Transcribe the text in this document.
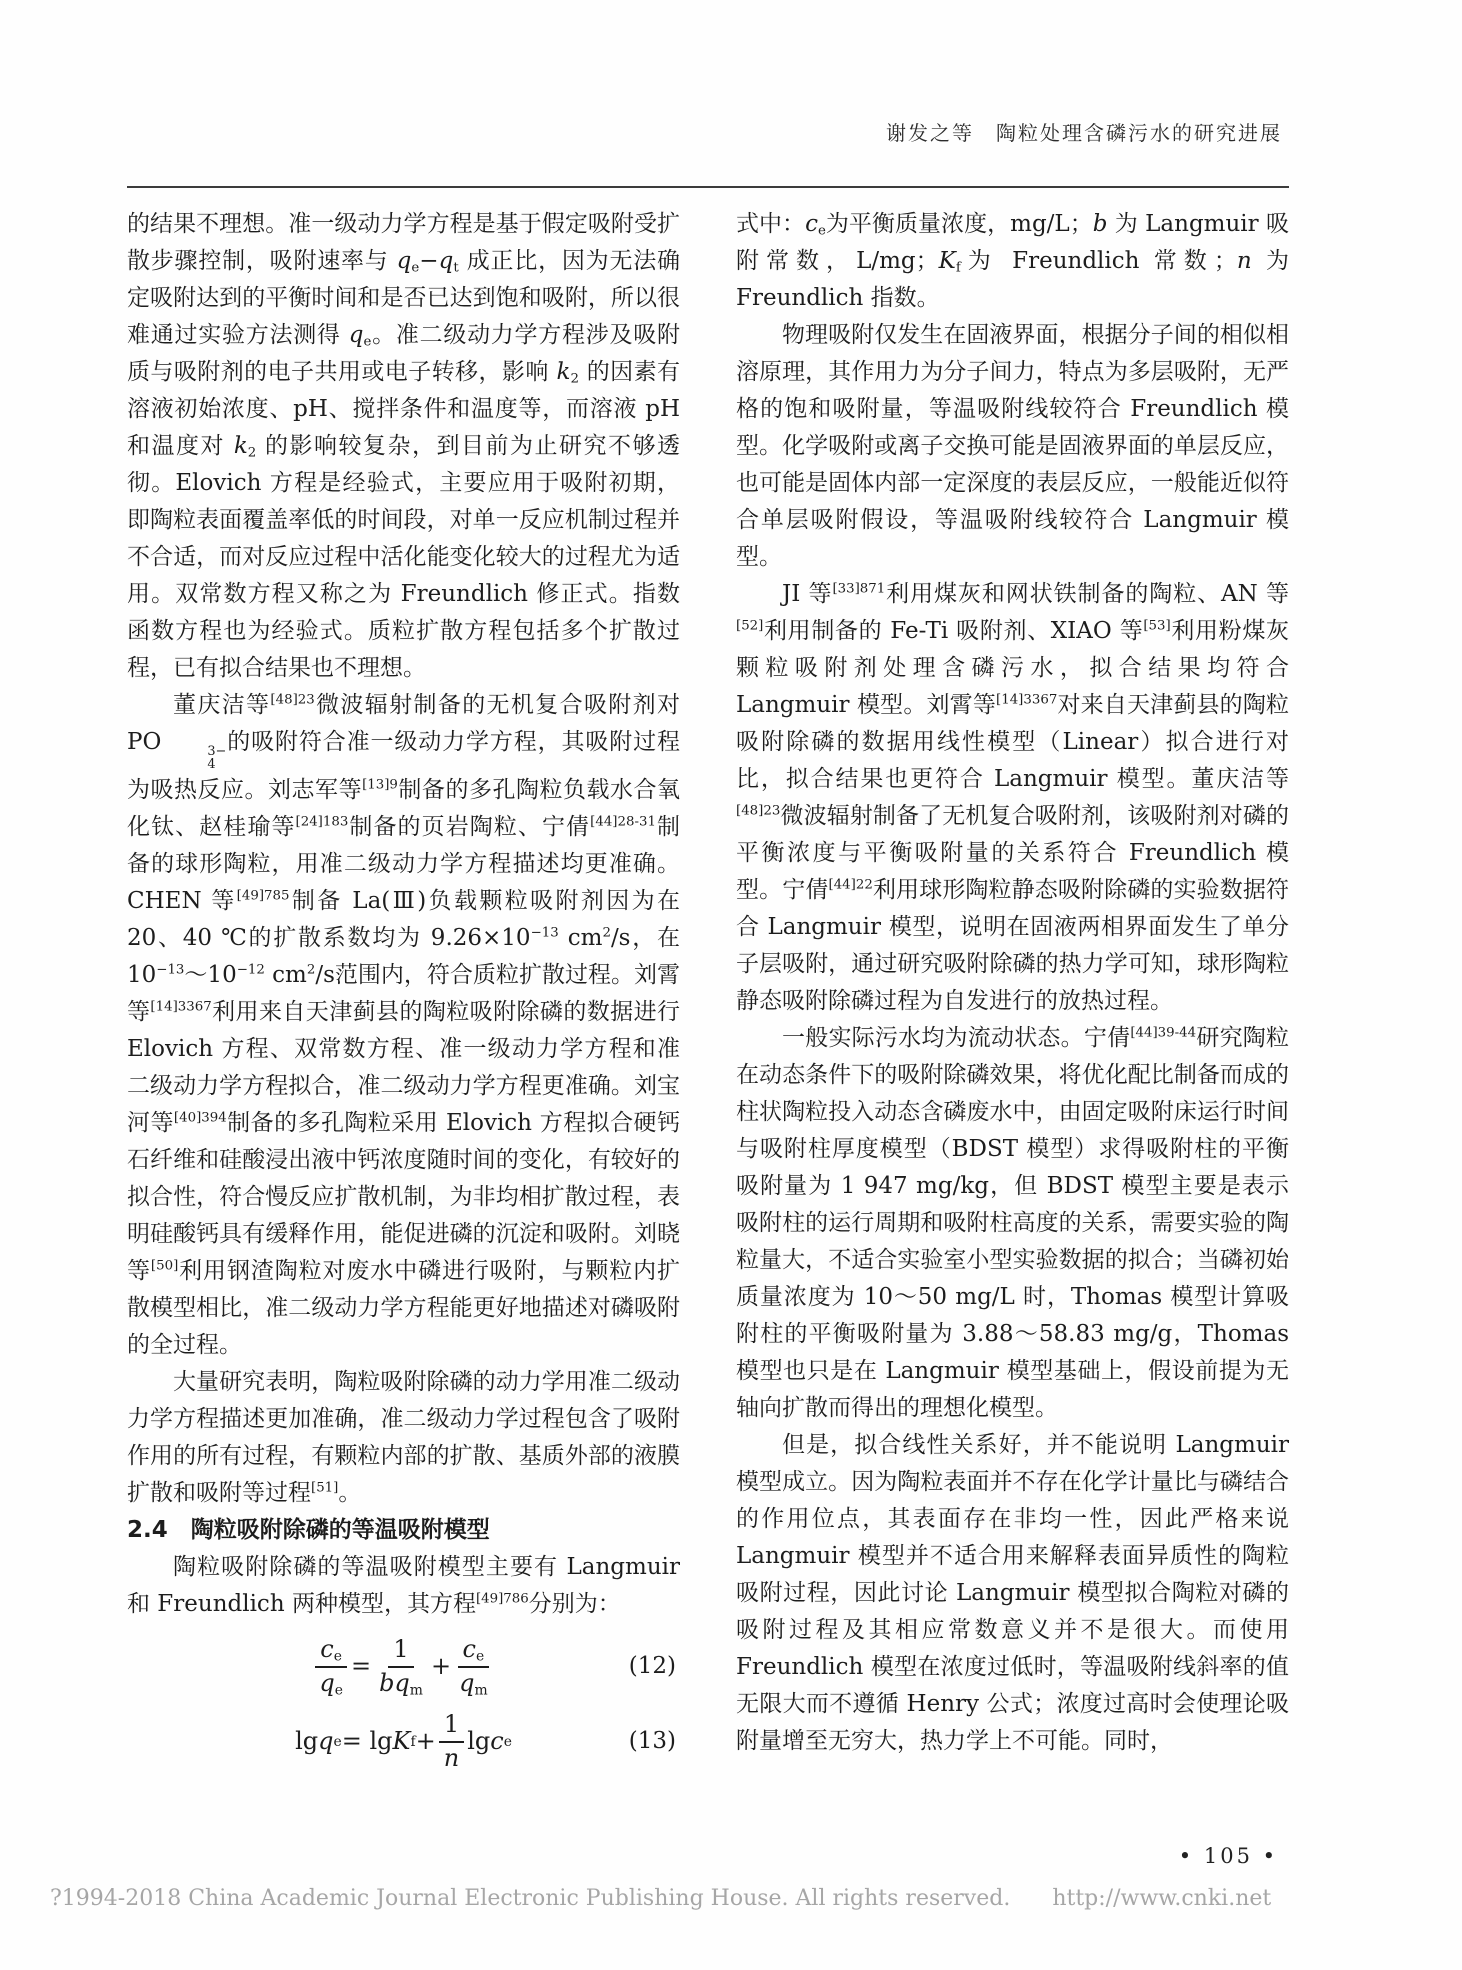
谢发之等　陶粒处理含磷污水的研究进展

的结果不理想。准一级动力学方程是基于假定吸附受扩散步骤控制，吸附速率与 $q_e-q_t$ 成正比，因为无法确定吸附达到的平衡时间和是否已达到饱和吸附，所以很难通过实验方法测得 $q_e$。准二级动力学方程涉及吸附质与吸附剂的电子共用或电子转移，影响 $k_2$ 的因素有溶液初始浓度、pH、搅拌条件和温度等，而溶液 pH 和温度对 $k_2$ 的影响较复杂，到目前为止研究不够透彻。Elovich 方程是经验式，主要应用于吸附初期，即陶粒表面覆盖率低的时间段，对单一反应机制过程并不合适，而对反应过程中活化能变化较大的过程尤为适用。双常数方程又称之为 Freundlich 修正式。指数函数方程也为经验式。质粒扩散方程包括多个扩散过程，已有拟合结果也不理想。

董庆洁等$^{[48]23}$微波辐射制备的无机复合吸附剂对PO	3−
4
的吸附符合准一级动力学方程，其吸附过程为吸热反应。刘志军等$^{[13]9}$制备的多孔陶粒负载水合氧化钛、赵桂瑜等$^{[24]183}$制备的页岩陶粒、宁倩$^{[44]28-31}$制备的球形陶粒，用准二级动力学方程描述均更准确。CHEN 等$^{[49]785}$制备 La(Ⅲ)负载颗粒吸附剂因为在 20、40 ℃的扩散系数均为 $9.26\times 10^{-13}$ $cm^2/s$，在 $10^{-13}\sim 10^{-12}$ $cm^2/s$范围内，符合质粒扩散过程。刘霄等$^{[14]3367}$利用来自天津蓟县的陶粒吸附除磷的数据进行 Elovich 方程、双常数方程、准一级动力学方程和准二级动力学方程拟合，准二级动力学方程更准确。刘宝河等$^{[40]394}$制备的多孔陶粒采用 Elovich 方程拟合硬钙石纤维和硅酸浸出液中钙浓度随时间的变化，有较好的拟合性，符合慢反应扩散机制，为非均相扩散过程，表明硅酸钙具有缓释作用，能促进磷的沉淀和吸附。刘晓等[50]利用钢渣陶粒对废水中磷进行吸附，与颗粒内扩散模型相比，准二级动力学方程能更好地描述对磷吸附的全过程。

大量研究表明，陶粒吸附除磷的动力学用准二级动力学方程描述更加准确，准二级动力学过程包含了吸附作用的所有过程，有颗粒内部的扩散、基质外部的液膜扩散和吸附等过程[51]。

2.4　陶粒吸附除磷的等温吸附模型

陶粒吸附除磷的等温吸附模型主要有 Langmuir 和 Freundlich 两种模型，其方程$^{[49]786}$分别为：

$\frac{c_e}{q_e} = \frac{1}{bq_m} + \frac{c_e}{q_m}$	(12)
lg q e = lg K $f + \frac{1}{n}$ lg c e	(13)

式中：$c_e$为平衡质量浓度，mg/L；b 为 Langmuir 吸附常数，L/mg；$K_f$为 Freundlich 常数；n 为 Freundlich 指数。

物理吸附仅发生在固液界面，根据分子间的相似相溶原理，其作用力为分子间力，特点为多层吸附，无严格的饱和吸附量，等温吸附线较符合 Freundlich 模型。化学吸附或离子交换可能是固液界面的单层反应，也可能是固体内部一定深度的表层反应，一般能近似符合单层吸附假设，等温吸附线较符合 Langmuir 模型。

JI 等$^{[33]871}$利用煤灰和网状铁制备的陶粒、AN 等[52]利用制备的 Fe-Ti 吸附剂、XIAO 等[53]利用粉煤灰颗粒吸附剂处理含磷污水，拟合结果均符合 Langmuir 模型。刘霄等$^{[14]3367}$对来自天津蓟县的陶粒吸附除磷的数据用线性模型（Linear）拟合进行对比，拟合结果也更符合 Langmuir 模型。董庆洁等$^{[48]23}$微波辐射制备了无机复合吸附剂，该吸附剂对磷的平衡浓度与平衡吸附量的关系符合 Freundlich 模型。宁倩$^{[44]22}$利用球形陶粒静态吸附除磷的实验数据符合 Langmuir 模型，说明在固液两相界面发生了单分子层吸附，通过研究吸附除磷的热力学可知，球形陶粒静态吸附除磷过程为自发进行的放热过程。

一般实际污水均为流动状态。宁倩$^{[44]39-44}$研究陶粒在动态条件下的吸附除磷效果，将优化配比制备而成的柱状陶粒投入动态含磷废水中，由固定吸附床运行时间与吸附柱厚度模型（BDST 模型）求得吸附柱的平衡吸附量为 1 947 mg/kg，但 BDST 模型主要是表示吸附柱的运行周期和吸附柱高度的关系，需要实验的陶粒量大，不适合实验室小型实验数据的拟合；当磷初始质量浓度为 10～50 mg/L 时，Thomas 模型计算吸附柱的平衡吸附量为 3.88～58.83 mg/g，Thomas 模型也只是在 Langmuir 模型基础上，假设前提为无轴向扩散而得出的理想化模型。

但是，拟合线性关系好，并不能说明 Langmuir 模型成立。因为陶粒表面并不存在化学计量比与磷结合的作用位点，其表面存在非均一性，因此严格来说 Langmuir 模型并不适合用来解释表面异质性的陶粒吸附过程，因此讨论 Langmuir 模型拟合陶粒对磷的吸附过程及其相应常数意义并不是很大。而使用 Freundlich 模型在浓度过低时，等温吸附线斜率的值无限大而不遵循 Henry 公式；浓度过高时会使理论吸附量增至无穷大，热力学上不可能。同时，

• 105 •
?1994-2018 China Academic Journal Electronic Publishing House. All rights reserved. http://www.cnki.net
